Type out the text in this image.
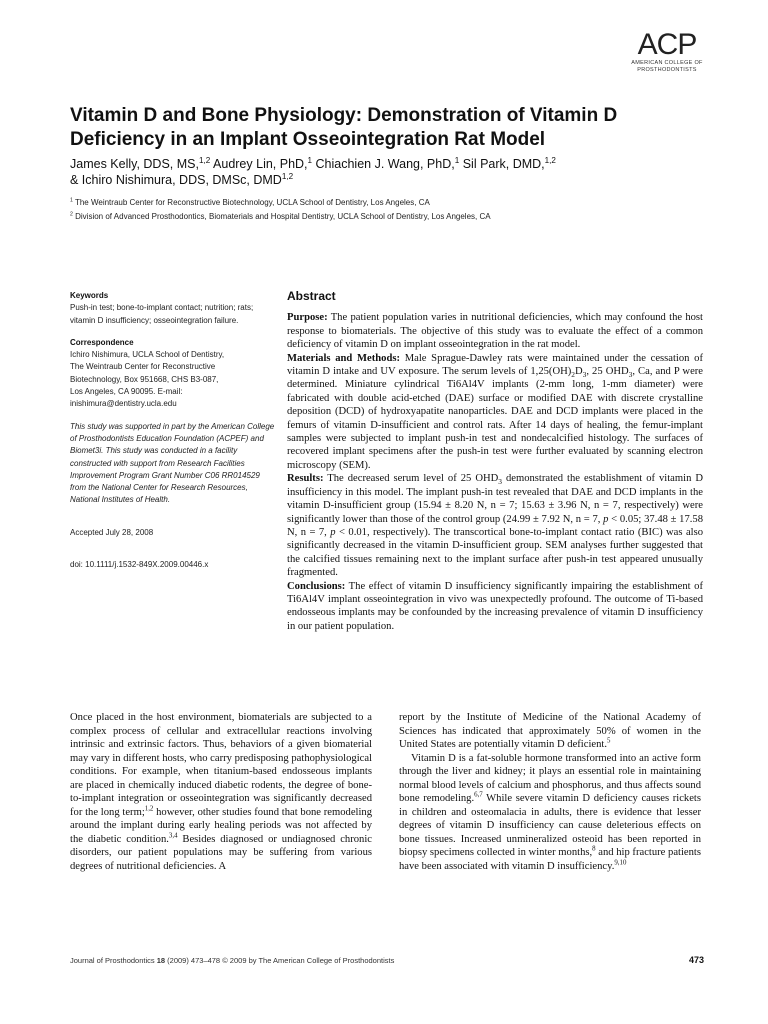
ACP
AMERICAN COLLEGE OF
PROSTHODONTISTS
Vitamin D and Bone Physiology: Demonstration of Vitamin D Deficiency in an Implant Osseointegration Rat Model
James Kelly, DDS, MS,$^{1,2}$ Audrey Lin, PhD,$^1$ Chiachien J. Wang, PhD,$^1$ Sil Park, DMD,$^{1,2}$
& Ichiro Nishimura, DDS, DMSc, DMD$^{1,2}$
$^1$ The Weintraub Center for Reconstructive Biotechnology, UCLA School of Dentistry, Los Angeles, CA
$^2$ Division of Advanced Prosthodontics, Biomaterials and Hospital Dentistry, UCLA School of Dentistry, Los Angeles, CA

Keywords

Push-in test; bone-to-implant contact; nutrition; rats; vitamin D insufficiency; osseointegration failure.

Correspondence

Ichiro Nishimura, UCLA School of Dentistry,

The Weintraub Center for Reconstructive

Biotechnology, Box 951668, CHS B3-087,

Los Angeles, CA 90095. E-mail:

inishimura@dentistry.ucla.edu

This study was supported in part by the American College of Prosthodontists Education Foundation (ACPEF) and Biomet3i. This study was conducted in a facility constructed with support from Research Facilities Improvement Program Grant Number C06 RR014529 from the National Center for Research Resources, National Institutes of Health.

Accepted July 28, 2008

doi: 10.1111/j.1532-849X.2009.00446.x

Abstract

Purpose: The patient population varies in nutritional deficiencies, which may confound the host response to biomaterials. The objective of this study was to evaluate the effect of a common deficiency of vitamin D on implant osseointegration in the rat model.

Materials and Methods: Male Sprague-Dawley rats were maintained under the cessation of vitamin D intake and UV exposure. The serum levels of $1,25(OH)_2D_3$, 25 $OHD_3$, Ca, and P were determined. Miniature cylindrical Ti6Al4V implants (2-mm long, 1-mm diameter) were fabricated with double acid-etched (DAE) surface or modified DAE with discrete crystalline deposition (DCD) of hydroxyapatite nanoparticles. DAE and DCD implants were placed in the femurs of vitamin D-insufficient and control rats. After 14 days of healing, the femur-implant samples were subjected to implant push-in test and nondecalcified histology. The surfaces of recovered implant specimens after the push-in test were further evaluated by scanning electron microscopy (SEM).

Results: The decreased serum level of 25 $OHD_3$ demonstrated the establishment of vitamin D insufficiency in this model. The implant push-in test revealed that DAE and DCD implants in the vitamin D-insufficient group (15.94 ± 8.20 N, n = 7; 15.63 ± 3.96 N, n = 7, respectively) were significantly lower than those of the control group (24.99 ± 7.92 N, n = 7, p < 0.05; 37.48 ± 17.58 N, n = 7, p < 0.01, respectively). The transcortical bone-to-implant contact ratio (BIC) was also significantly decreased in the vitamin D-insufficient group. SEM analyses further suggested that the calcified tissues remaining next to the implant surface after push-in test appeared unusually fragmented.

Conclusions: The effect of vitamin D insufficiency significantly impairing the establishment of Ti6Al4V implant osseointegration in vivo was unexpectedly profound. The outcome of Ti-based endosseous implants may be confounded by the increasing prevalence of vitamin D insufficiency in our patient population.

Once placed in the host environment, biomaterials are subjected to a complex process of cellular and extracellular reactions involving intrinsic and extrinsic factors. Thus, behaviors of a given biomaterial may vary in different hosts, who carry predisposing pathophysiological conditions. For example, when titanium-based endosseous implants are placed in chemically induced diabetic rodents, the degree of bone-to-implant integration or osseointegration was significantly decreased for the long term;$^{1,2}$ however, other studies found that bone remodeling around the implant during early healing periods was not affected by the diabetic condition.$^{3,4}$ Besides diagnosed or undiagnosed chronic disorders, our patient populations may be suffering from various degrees of nutritional deficiencies. A

report by the Institute of Medicine of the National Academy of Sciences has indicated that approximately 50% of women in the United States are potentially vitamin D deficient.$^5$

Vitamin D is a fat-soluble hormone transformed into an active form through the liver and kidney; it plays an essential role in maintaining normal blood levels of calcium and phosphorus, and thus affects sound bone remodeling.$^{6,7}$ While severe vitamin D deficiency causes rickets in children and osteomalacia in adults, there is evidence that lesser degrees of vitamin D insufficiency can cause deleterious effects on bone tissues. Increased unmineralized osteoid has been reported in biopsy specimens collected in winter months,$^8$ and hip fracture patients have been associated with vitamin D insufficiency.$^{9,10}$

Journal of Prosthodontics 18 (2009) 473–478 © 2009 by The American College of Prosthodontists	473
